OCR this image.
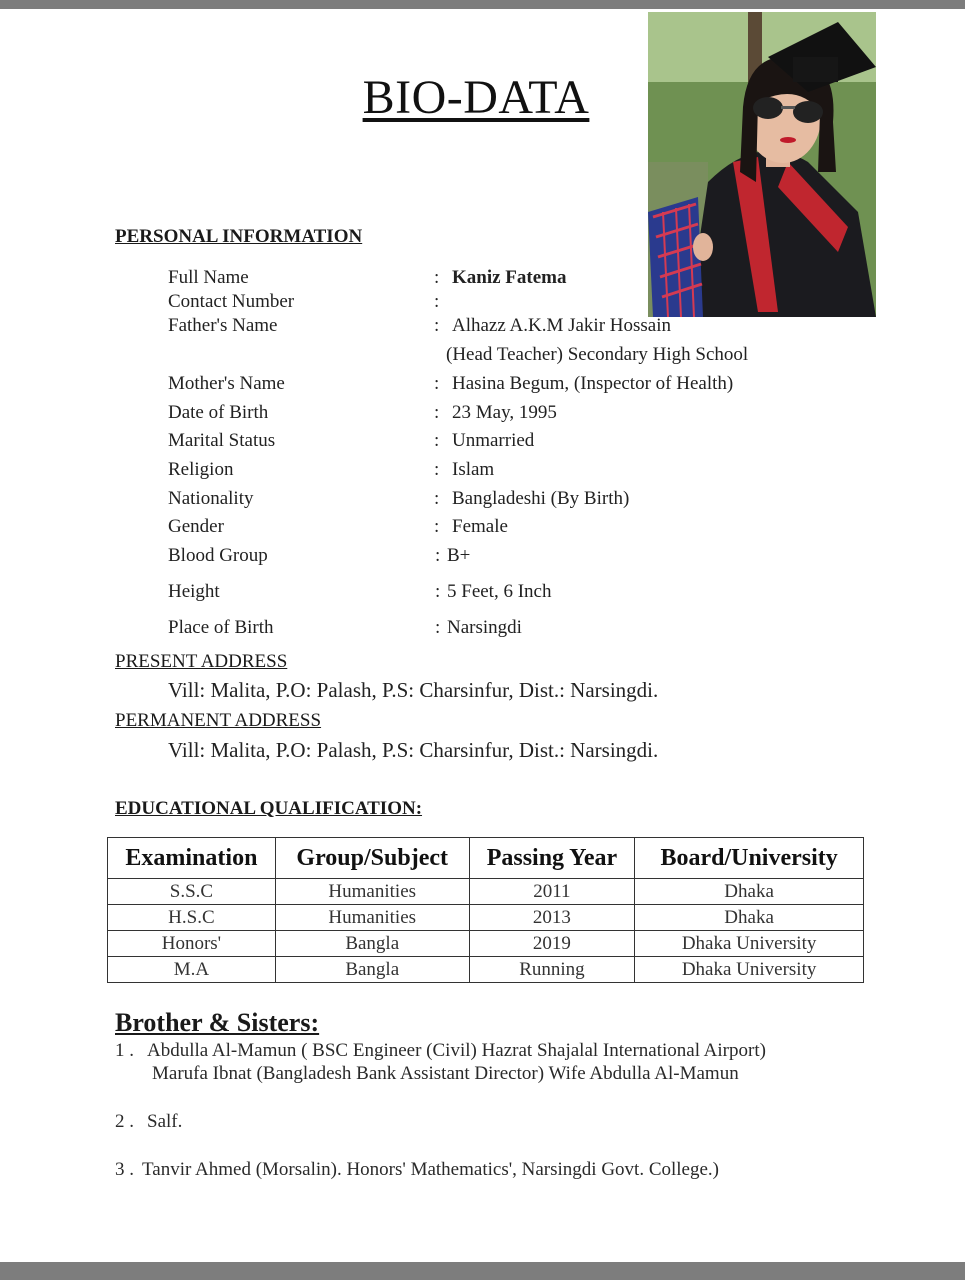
BIO-DATA
PERSONAL INFORMATION
Full Name	: Kaniz Fatema
Contact Number	:
Father's Name	: Alhazz A.K.M Jakir Hossain
(Head Teacher) Secondary High School
Mother's Name	: Hasina Begum, (Inspector of Health)
Date of Birth	: 23 May, 1995
Marital Status	: Unmarried
Religion	: Islam
Nationality	: Bangladeshi (By Birth)
Gender	: Female
Blood Group	: B+
Height	: 5 Feet, 6 Inch
Place of Birth	: Narsingdi
PRESENT ADDRESS
Vill: Malita, P.O: Palash, P.S: Charsinfur, Dist.: Narsingdi.
PERMANENT ADDRESS
Vill: Malita, P.O: Palash, P.S: Charsinfur, Dist.: Narsingdi.
EDUCATIONAL QUALIFICATION:
Examination	Group/Subject	Passing Year	Board/University
S.S.C	Humanities	2011	Dhaka
H.S.C	Humanities	2013	Dhaka
Honors'	Bangla	2019	Dhaka University
M.A	Bangla	Running	Dhaka University
Brother & Sisters:
1 . Abdulla Al-Mamun ( BSC Engineer (Civil) Hazrat Shajalal International Airport)
Marufa Ibnat (Bangladesh Bank Assistant Director) Wife Abdulla Al-Mamun
2 . Salf.
3 . Tanvir Ahmed (Morsalin). Honors' Mathematics', Narsingdi Govt. College.)
